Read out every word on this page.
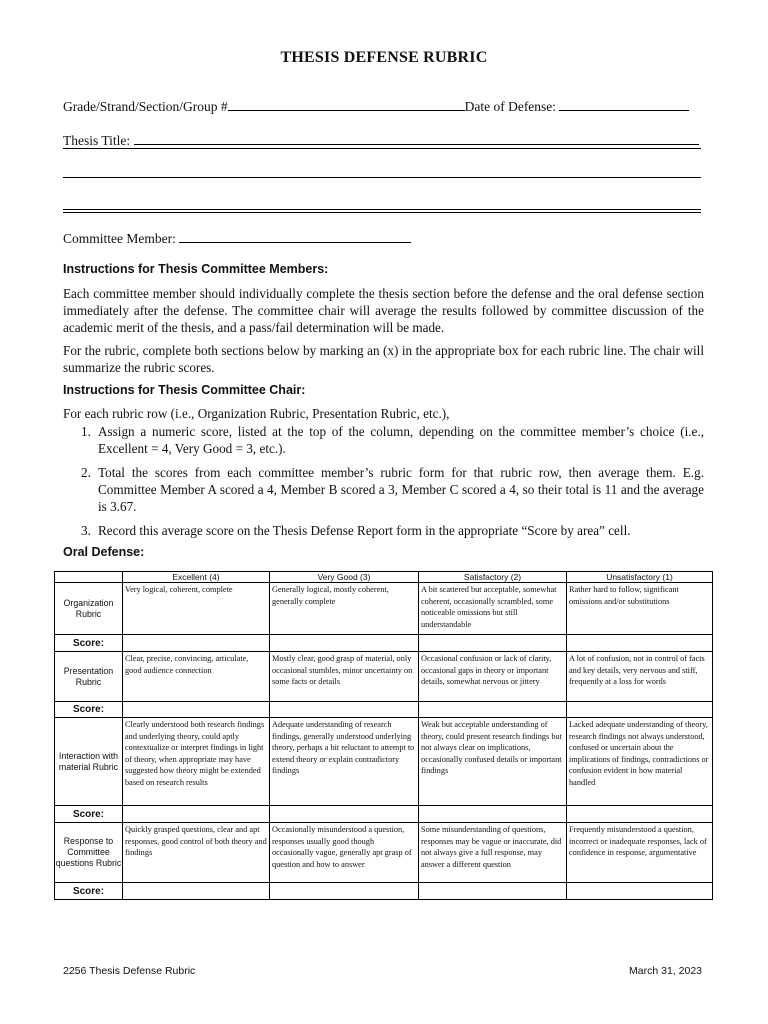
THESIS DEFENSE RUBRIC
Grade/Strand/Section/Group #	Date of Defense:
Thesis Title:
Committee Member:
Instructions for Thesis Committee Members:
Each committee member should individually complete the thesis section before the defense and the oral defense section immediately after the defense. The committee chair will average the results followed by committee discussion of the academic merit of the thesis, and a pass/fail determination will be made.
For the rubric, complete both sections below by marking an (x) in the appropriate box for each rubric line. The chair will summarize the rubric scores.
Instructions for Thesis Committee Chair:
For each rubric row (i.e., Organization Rubric, Presentation Rubric, etc.),
1. Assign a numeric score, listed at the top of the column, depending on the committee member’s choice (i.e., Excellent = 4, Very Good = 3, etc.).
2. Total the scores from each committee member’s rubric form for that rubric row, then average them. E.g. Committee Member A scored a 4, Member B scored a 3, Member C scored a 4, so their total is 11 and the average is 3.67.
3. Record this average score on the Thesis Defense Report form in the appropriate “Score by area” cell.
Oral Defense:
	Excellent (4)	Very Good (3)	Satisfactory (2)	Unsatisfactory (1)
Organization Rubric	Very logical, coherent, complete	Generally logical, mostly coherent, generally complete	A bit scattered but acceptable, somewhat coherent, occasionally scrambled, some noticeable omissions but still understandable	Rather hard to follow, significant omissions and/or substitutions
Score:				
Presentation Rubric	Clear, precise, convincing, articulate, good audience connection	Mostly clear, good grasp of material, only occasional stumbles, minor uncertainty on some facts or details	Occasional confusion or lack of clarity, occasional gaps in theory or important details, somewhat nervous or jittery	A lot of confusion, not in control of facts and key details, very nervous and stiff, frequently at a loss for words
Score:				
Interaction with material Rubric	Clearly understood both research findings and underlying theory, could aptly contextualize or interpret findings in light of theory, when appropriate may have suggested how theory might be extended based on research results	Adequate understanding of research findings, generally understood underlying theory, perhaps a bit reluctant to attempt to extend theory or explain contradictory findings	Weak but acceptable understanding of theory, could present research findings but not always clear on implications, occasionally confused details or important findings	Lacked adequate understanding of theory, research findings not always understood, confused or uncertain about the implications of findings, contradictions or confusion evident in how material handled
Score:				
Response to Committee questions Rubric	Quickly grasped questions, clear and apt responses, good control of both theory and findings	Occasionally misunderstood a question, responses usually good though occasionally vague, generally apt grasp of question and how to answer	Some misunderstanding of questions, responses may be vague or inaccurate, did not always give a full response, may answer a different question	Frequently misunderstood a question, incorrect or inadequate responses, lack of confidence in response, argumentative
Score:				
2256 Thesis Defense Rubric	March 31, 2023
